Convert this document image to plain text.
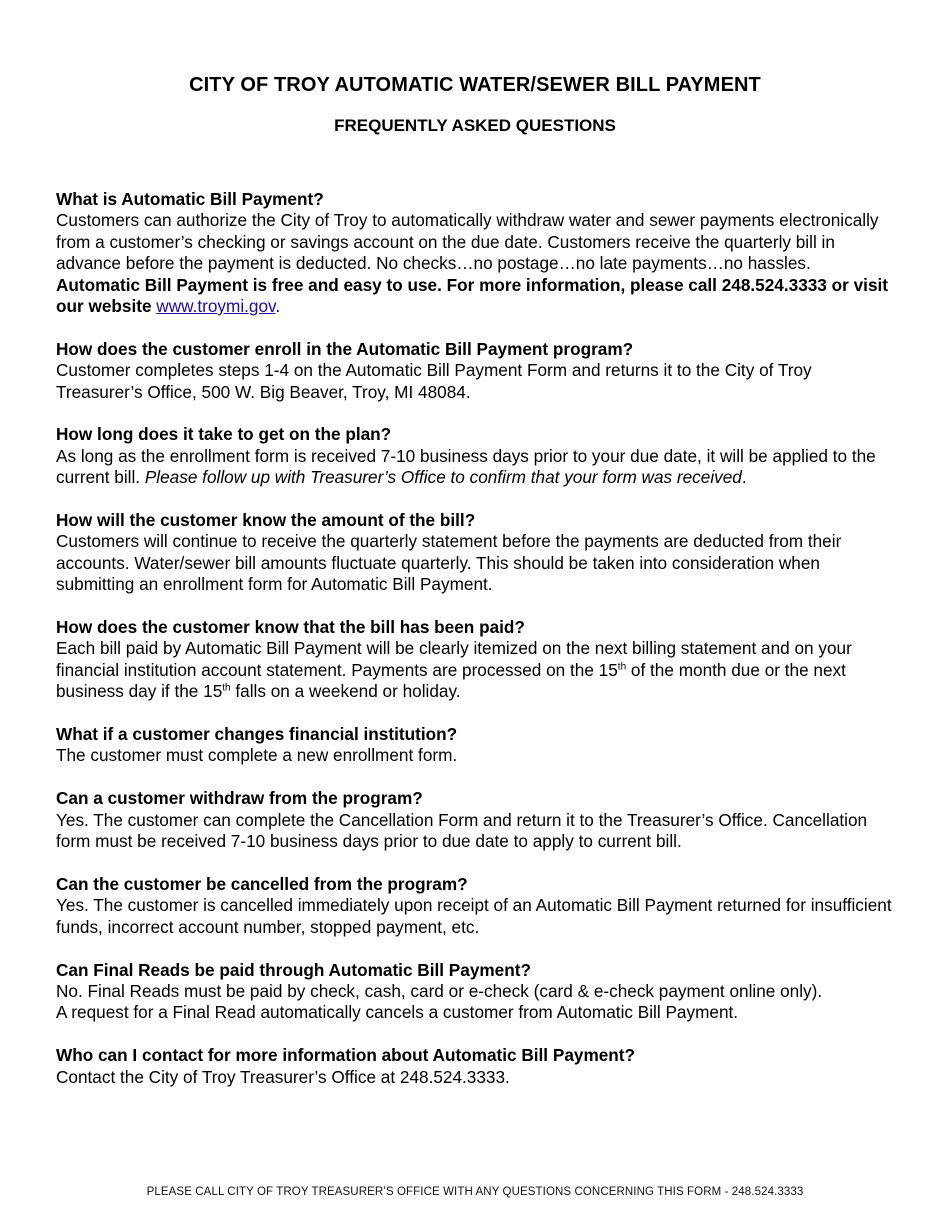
CITY OF TROY AUTOMATIC WATER/SEWER BILL PAYMENT
FREQUENTLY ASKED QUESTIONS
What is Automatic Bill Payment?
Customers can authorize the City of Troy to automatically withdraw water and sewer payments electronically from a customer’s checking or savings account on the due date. Customers receive the quarterly bill in advance before the payment is deducted. No checks…no postage…no late payments…no hassles.
Automatic Bill Payment is free and easy to use. For more information, please call 248.524.3333 or visit our website www.troymi.gov.
How does the customer enroll in the Automatic Bill Payment program?
Customer completes steps 1-4 on the Automatic Bill Payment Form and returns it to the City of Troy Treasurer’s Office, 500 W. Big Beaver, Troy, MI 48084.
How long does it take to get on the plan?
As long as the enrollment form is received 7-10 business days prior to your due date, it will be applied to the current bill. Please follow up with Treasurer’s Office to confirm that your form was received.
How will the customer know the amount of the bill?
Customers will continue to receive the quarterly statement before the payments are deducted from their accounts. Water/sewer bill amounts fluctuate quarterly. This should be taken into consideration when submitting an enrollment form for Automatic Bill Payment.
How does the customer know that the bill has been paid?
Each bill paid by Automatic Bill Payment will be clearly itemized on the next billing statement and on your financial institution account statement. Payments are processed on the 15th of the month due or the next business day if the 15th falls on a weekend or holiday.
What if a customer changes financial institution?
The customer must complete a new enrollment form.
Can a customer withdraw from the program?
Yes. The customer can complete the Cancellation Form and return it to the Treasurer’s Office. Cancellation form must be received 7-10 business days prior to due date to apply to current bill.
Can the customer be cancelled from the program?
Yes. The customer is cancelled immediately upon receipt of an Automatic Bill Payment returned for insufficient funds, incorrect account number, stopped payment, etc.
Can Final Reads be paid through Automatic Bill Payment?
No. Final Reads must be paid by check, cash, card or e-check (card & e-check payment online only).
A request for a Final Read automatically cancels a customer from Automatic Bill Payment.
Who can I contact for more information about Automatic Bill Payment?
Contact the City of Troy Treasurer’s Office at 248.524.3333.
PLEASE CALL CITY OF TROY TREASURER’S OFFICE WITH ANY QUESTIONS CONCERNING THIS FORM - 248.524.3333
